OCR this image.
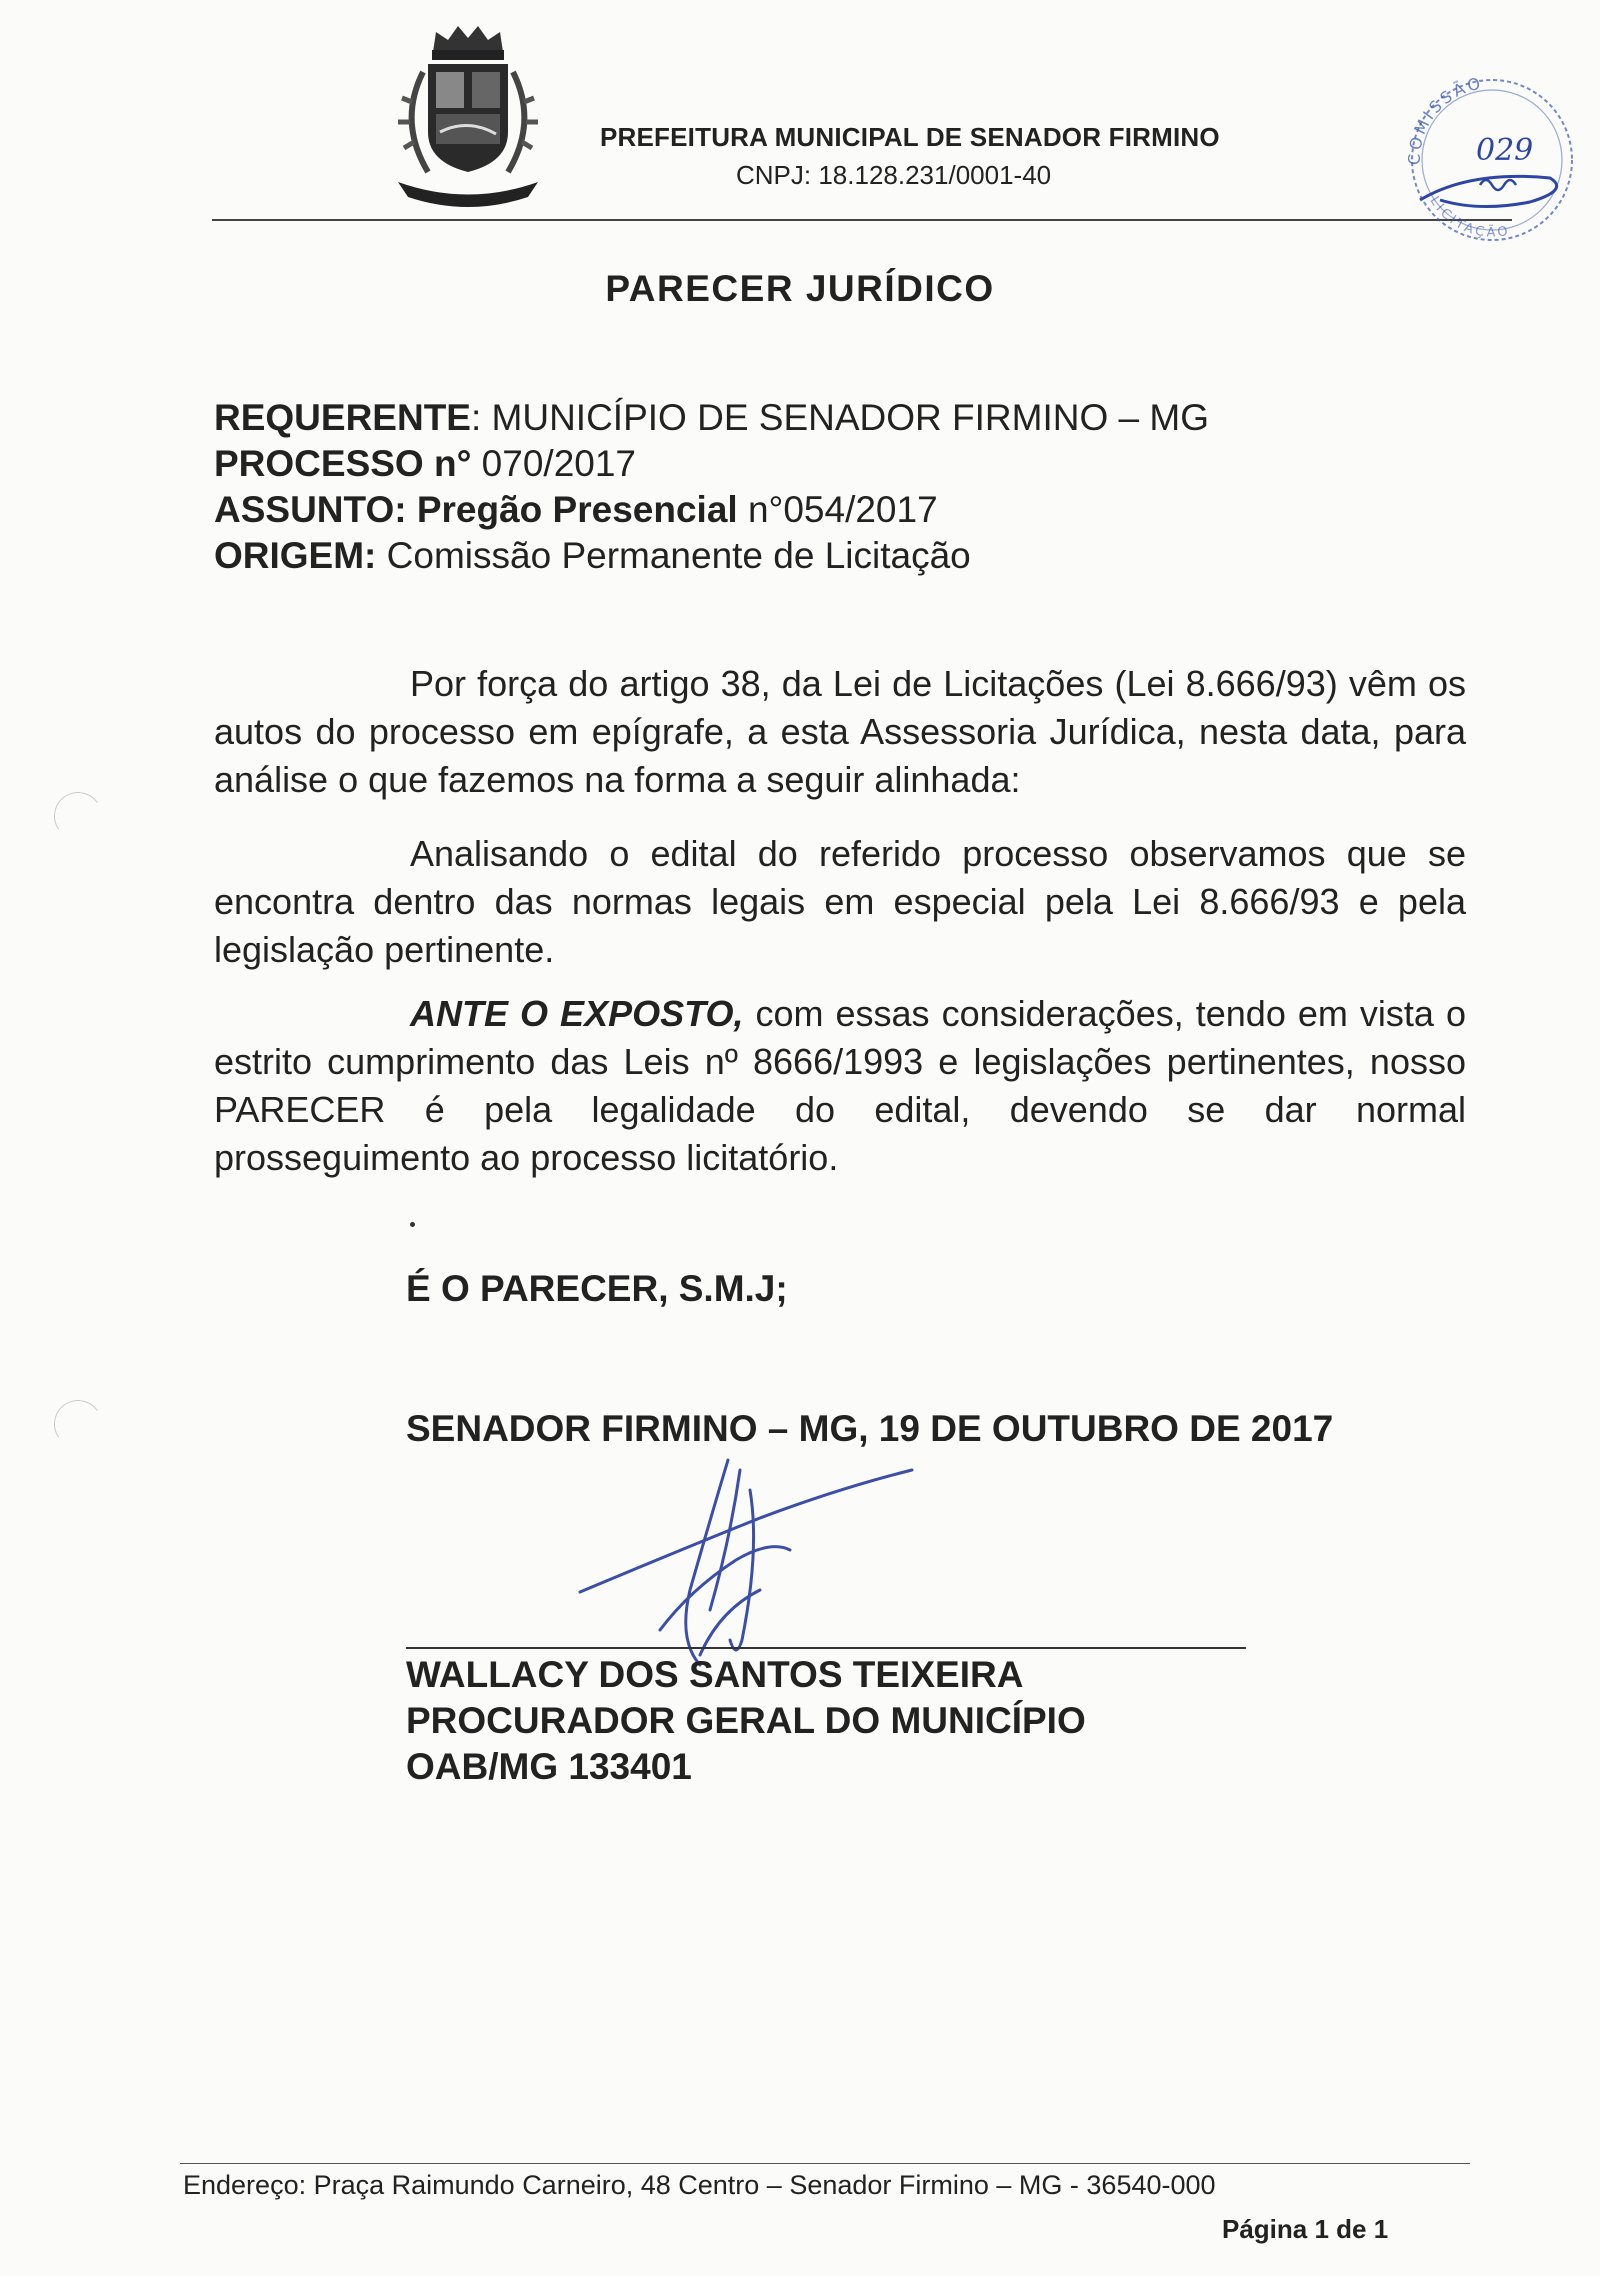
PREFEITURA MUNICIPAL DE SENADOR FIRMINO
CNPJ: 18.128.231/0001-40
COMISSÃO
LICITAÇÃO
029
PARECER JURÍDICO
REQUERENTE: MUNICÍPIO DE SENADOR FIRMINO – MG
PROCESSO n° 070/2017
ASSUNTO: Pregão Presencial n°054/2017
ORIGEM: Comissão Permanente de Licitação
Por força do artigo 38, da Lei de Licitações (Lei 8.666/93) vêm os autos do processo em epígrafe, a esta Assessoria Jurídica, nesta data, para análise o que fazemos na forma a seguir alinhada:
Analisando o edital do referido processo observamos que se encontra dentro das normas legais em especial pela Lei 8.666/93 e pela legislação pertinente.
ANTE O EXPOSTO, com essas considerações, tendo em vista o estrito cumprimento das Leis nº 8666/1993 e legislações pertinentes, nosso PARECER é pela legalidade do edital, devendo se dar normal prosseguimento ao processo licitatório.
É O PARECER, S.M.J;
SENADOR FIRMINO – MG, 19 DE OUTUBRO DE 2017
WALLACY DOS SANTOS TEIXEIRA
PROCURADOR GERAL DO MUNICÍPIO
OAB/MG 133401
Endereço: Praça Raimundo Carneiro, 48 Centro – Senador Firmino – MG - 36540-000
Página 1 de 1
